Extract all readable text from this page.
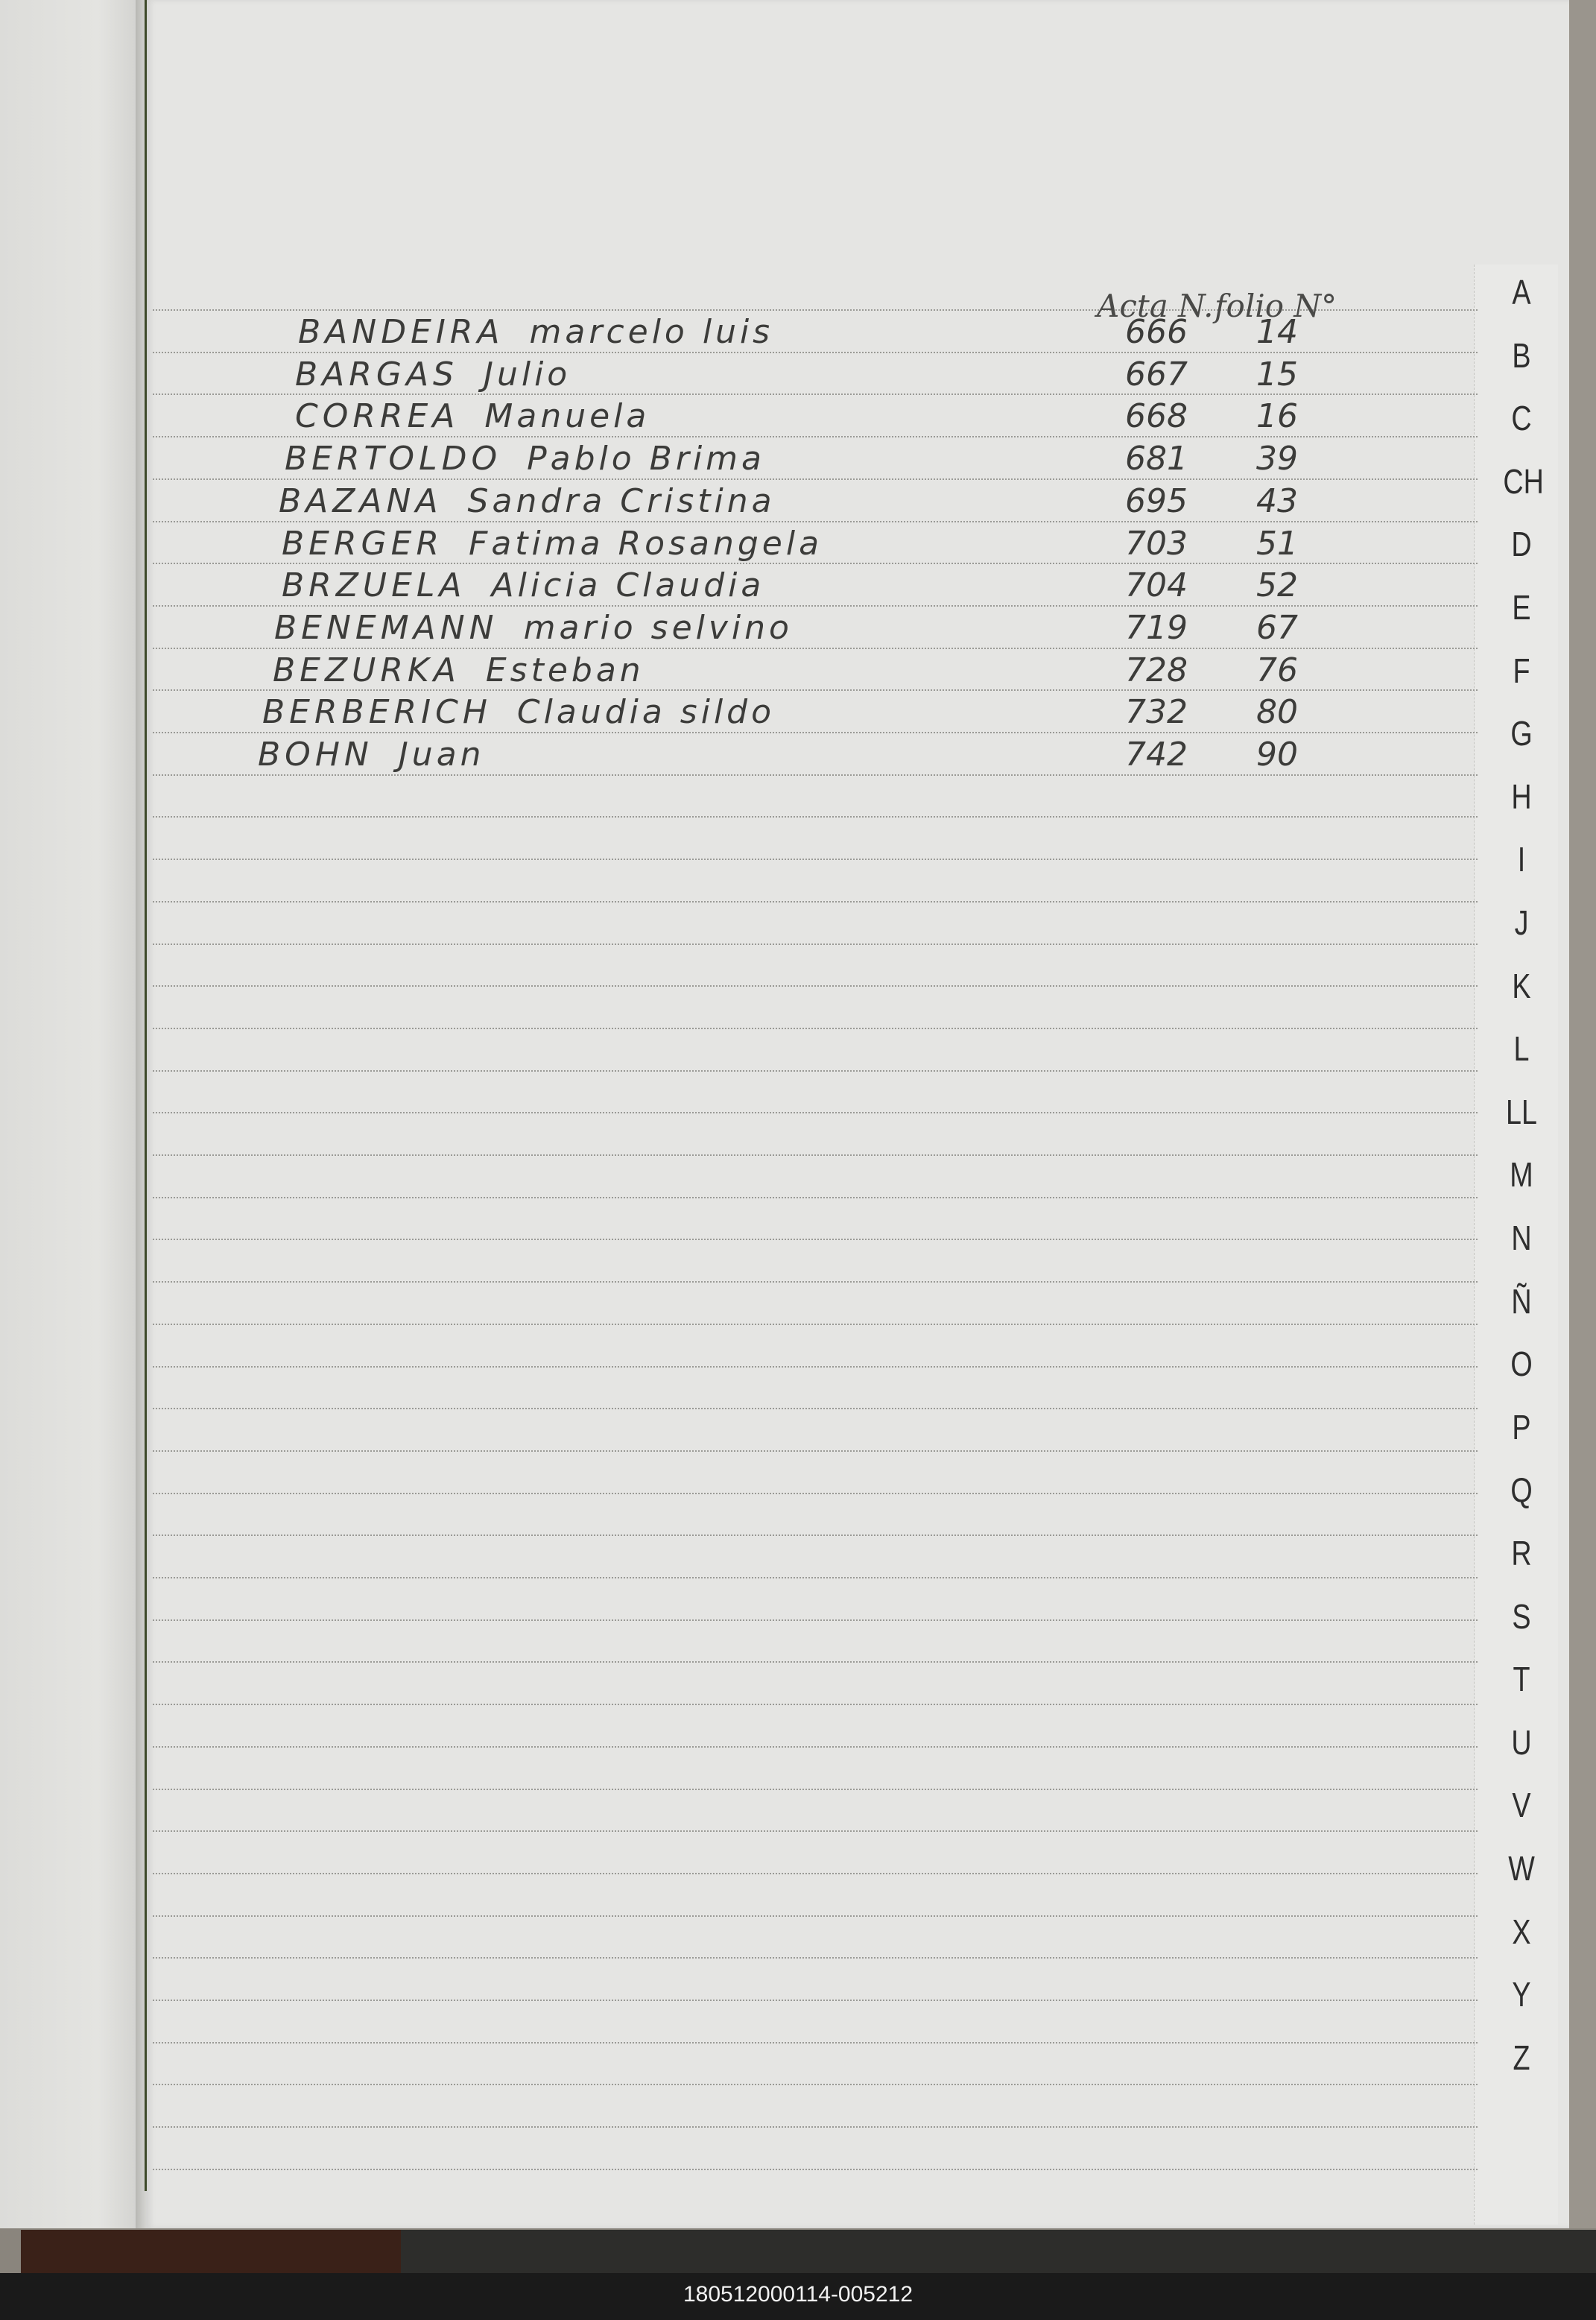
Acta N. folio N°
BANDEIRA marcelo luis	666 14
BARGAS Julio	667 15
CORREA Manuela	668 16
BERTOLDO Pablo Brima	681 39
BAZANA Sandra Cristina	695 43
BERGER Fatima Rosangela	703 51
BRZUELA Alicia Claudia	704 52
BENEMANN mario selvino	719 67
BEZURKA Esteban	728 76
BERBERICH Claudia sildo	732 80
BOHN Juan	742 90
A
B
C
CH
D
E
F
G
H
I
J
K
L
LL
M
N
Ñ
O
P
Q
R
S
T
U
V
W
X
Y
Z
180512000114-005212
